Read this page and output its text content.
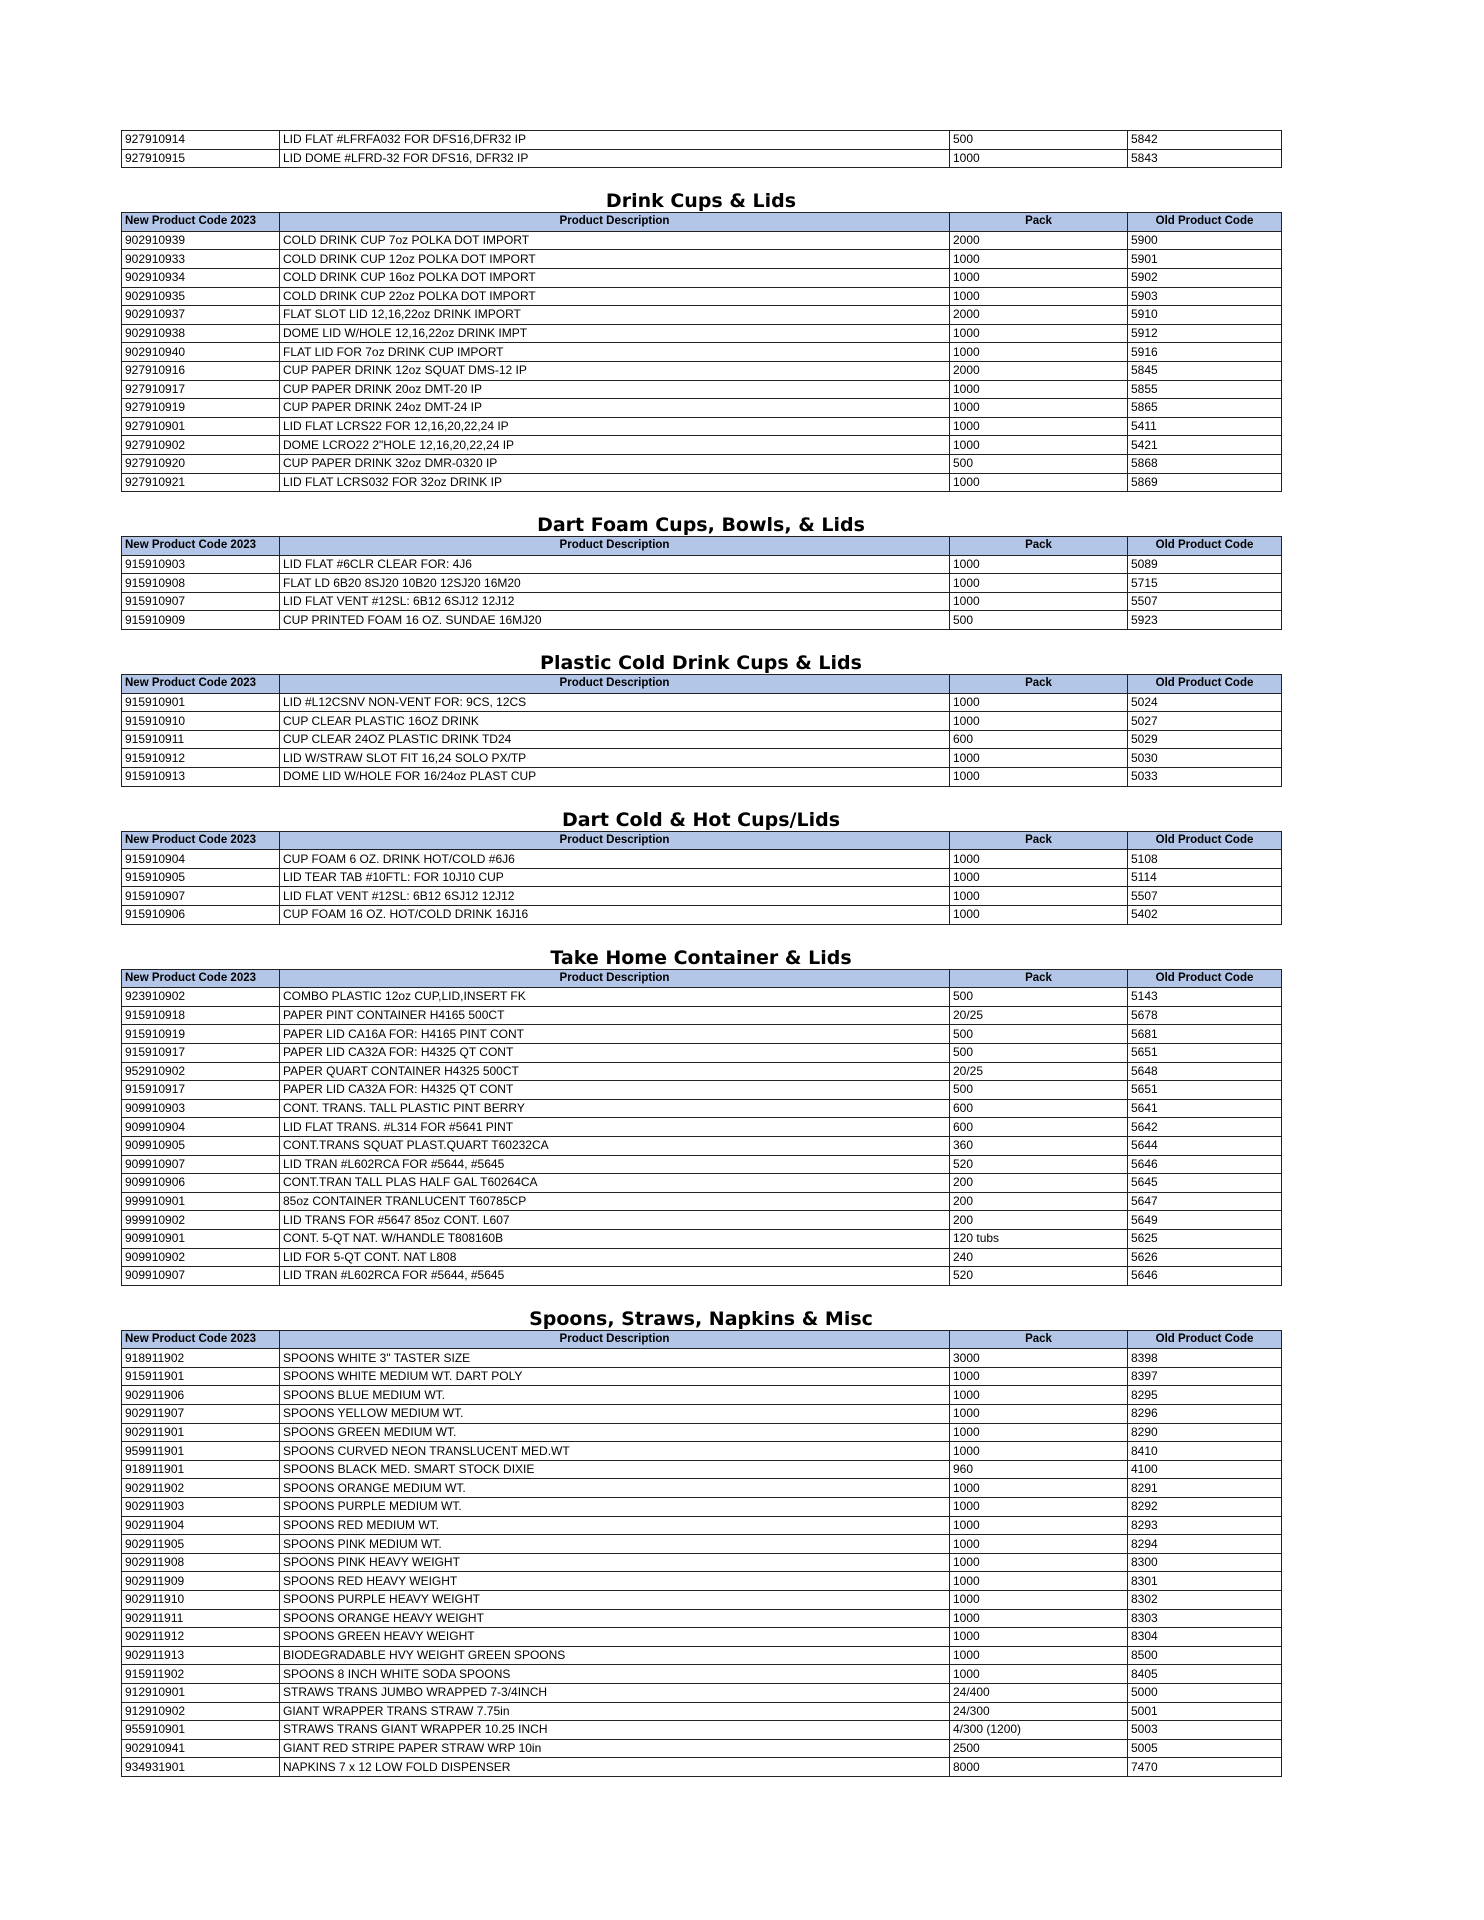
927910914	LID FLAT #LFRFA032 FOR DFS16,DFR32 IP	500	5842
927910915	LID DOME #LFRD-32 FOR DFS16, DFR32 IP	1000	5843
Drink Cups & Lids
New Product Code 2023	Product Description	Pack	Old Product Code
902910939	COLD DRINK CUP 7oz POLKA DOT IMPORT	2000	5900
902910933	COLD DRINK CUP 12oz POLKA DOT IMPORT	1000	5901
902910934	COLD DRINK CUP 16oz POLKA DOT IMPORT	1000	5902
902910935	COLD DRINK CUP 22oz POLKA DOT IMPORT	1000	5903
902910937	FLAT SLOT LID 12,16,22oz DRINK IMPORT	2000	5910
902910938	DOME LID W/HOLE 12,16,22oz DRINK IMPT	1000	5912
902910940	FLAT LID FOR 7oz DRINK CUP IMPORT	1000	5916
927910916	CUP PAPER DRINK 12oz SQUAT DMS-12 IP	2000	5845
927910917	CUP PAPER DRINK 20oz DMT-20 IP	1000	5855
927910919	CUP PAPER DRINK 24oz DMT-24 IP	1000	5865
927910901	LID FLAT LCRS22 FOR 12,16,20,22,24 IP	1000	5411
927910902	DOME LCRO22 2"HOLE 12,16,20,22,24 IP	1000	5421
927910920	CUP PAPER DRINK 32oz DMR-0320 IP	500	5868
927910921	LID FLAT LCRS032 FOR 32oz DRINK IP	1000	5869
Dart Foam Cups, Bowls, & Lids
New Product Code 2023	Product Description	Pack	Old Product Code
915910903	LID FLAT #6CLR CLEAR FOR: 4J6	1000	5089
915910908	FLAT LD 6B20 8SJ20 10B20 12SJ20 16M20	1000	5715
915910907	LID FLAT VENT #12SL: 6B12 6SJ12 12J12	1000	5507
915910909	CUP PRINTED FOAM 16 OZ. SUNDAE 16MJ20	500	5923
Plastic Cold Drink Cups & Lids
New Product Code 2023	Product Description	Pack	Old Product Code
915910901	LID #L12CSNV NON-VENT FOR: 9CS, 12CS	1000	5024
915910910	CUP CLEAR PLASTIC 16OZ DRINK	1000	5027
915910911	CUP CLEAR 24OZ PLASTIC DRINK TD24	600	5029
915910912	LID W/STRAW SLOT FIT 16,24 SOLO PX/TP	1000	5030
915910913	DOME LID W/HOLE FOR 16/24oz PLAST CUP	1000	5033
Dart Cold & Hot Cups/Lids
New Product Code 2023	Product Description	Pack	Old Product Code
915910904	CUP FOAM 6 OZ. DRINK HOT/COLD #6J6	1000	5108
915910905	LID TEAR TAB #10FTL: FOR 10J10 CUP	1000	5114
915910907	LID FLAT VENT #12SL: 6B12 6SJ12 12J12	1000	5507
915910906	CUP FOAM 16 OZ. HOT/COLD DRINK 16J16	1000	5402
Take Home Container & Lids
New Product Code 2023	Product Description	Pack	Old Product Code
923910902	COMBO PLASTIC 12oz CUP,LID,INSERT FK	500	5143
915910918	PAPER PINT CONTAINER H4165 500CT	20/25	5678
915910919	PAPER LID CA16A FOR: H4165 PINT CONT	500	5681
915910917	PAPER LID CA32A FOR: H4325 QT CONT	500	5651
952910902	PAPER QUART CONTAINER H4325 500CT	20/25	5648
915910917	PAPER LID CA32A FOR: H4325 QT CONT	500	5651
909910903	CONT. TRANS. TALL PLASTIC PINT BERRY	600	5641
909910904	LID FLAT TRANS. #L314 FOR #5641 PINT	600	5642
909910905	CONT.TRANS SQUAT PLAST.QUART T60232CA	360	5644
909910907	LID TRAN #L602RCA FOR #5644, #5645	520	5646
909910906	CONT.TRAN TALL PLAS HALF GAL T60264CA	200	5645
999910901	85oz CONTAINER TRANLUCENT T60785CP	200	5647
999910902	LID TRANS FOR #5647 85oz CONT. L607	200	5649
909910901	CONT. 5-QT NAT. W/HANDLE T808160B	120 tubs	5625
909910902	LID FOR 5-QT CONT. NAT L808	240	5626
909910907	LID TRAN #L602RCA FOR #5644, #5645	520	5646
Spoons, Straws, Napkins & Misc
New Product Code 2023	Product Description	Pack	Old Product Code
918911902	SPOONS WHITE 3" TASTER SIZE	3000	8398
915911901	SPOONS WHITE MEDIUM WT. DART POLY	1000	8397
902911906	SPOONS BLUE MEDIUM WT.	1000	8295
902911907	SPOONS YELLOW MEDIUM WT.	1000	8296
902911901	SPOONS GREEN MEDIUM WT.	1000	8290
959911901	SPOONS CURVED NEON TRANSLUCENT MED.WT	1000	8410
918911901	SPOONS BLACK MED. SMART STOCK DIXIE	960	4100
902911902	SPOONS ORANGE MEDIUM WT.	1000	8291
902911903	SPOONS PURPLE MEDIUM WT.	1000	8292
902911904	SPOONS RED MEDIUM WT.	1000	8293
902911905	SPOONS PINK MEDIUM WT.	1000	8294
902911908	SPOONS PINK HEAVY WEIGHT	1000	8300
902911909	SPOONS RED HEAVY WEIGHT	1000	8301
902911910	SPOONS PURPLE HEAVY WEIGHT	1000	8302
902911911	SPOONS ORANGE HEAVY WEIGHT	1000	8303
902911912	SPOONS GREEN HEAVY WEIGHT	1000	8304
902911913	BIODEGRADABLE HVY WEIGHT GREEN SPOONS	1000	8500
915911902	SPOONS 8 INCH WHITE SODA SPOONS	1000	8405
912910901	STRAWS TRANS JUMBO WRAPPED 7-3/4INCH	24/400	5000
912910902	GIANT WRAPPER TRANS STRAW 7.75in	24/300	5001
955910901	STRAWS TRANS GIANT WRAPPER 10.25 INCH	4/300 (1200)	5003
902910941	GIANT RED STRIPE PAPER STRAW WRP 10in	2500	5005
934931901	NAPKINS 7 x 12 LOW FOLD DISPENSER	8000	7470
